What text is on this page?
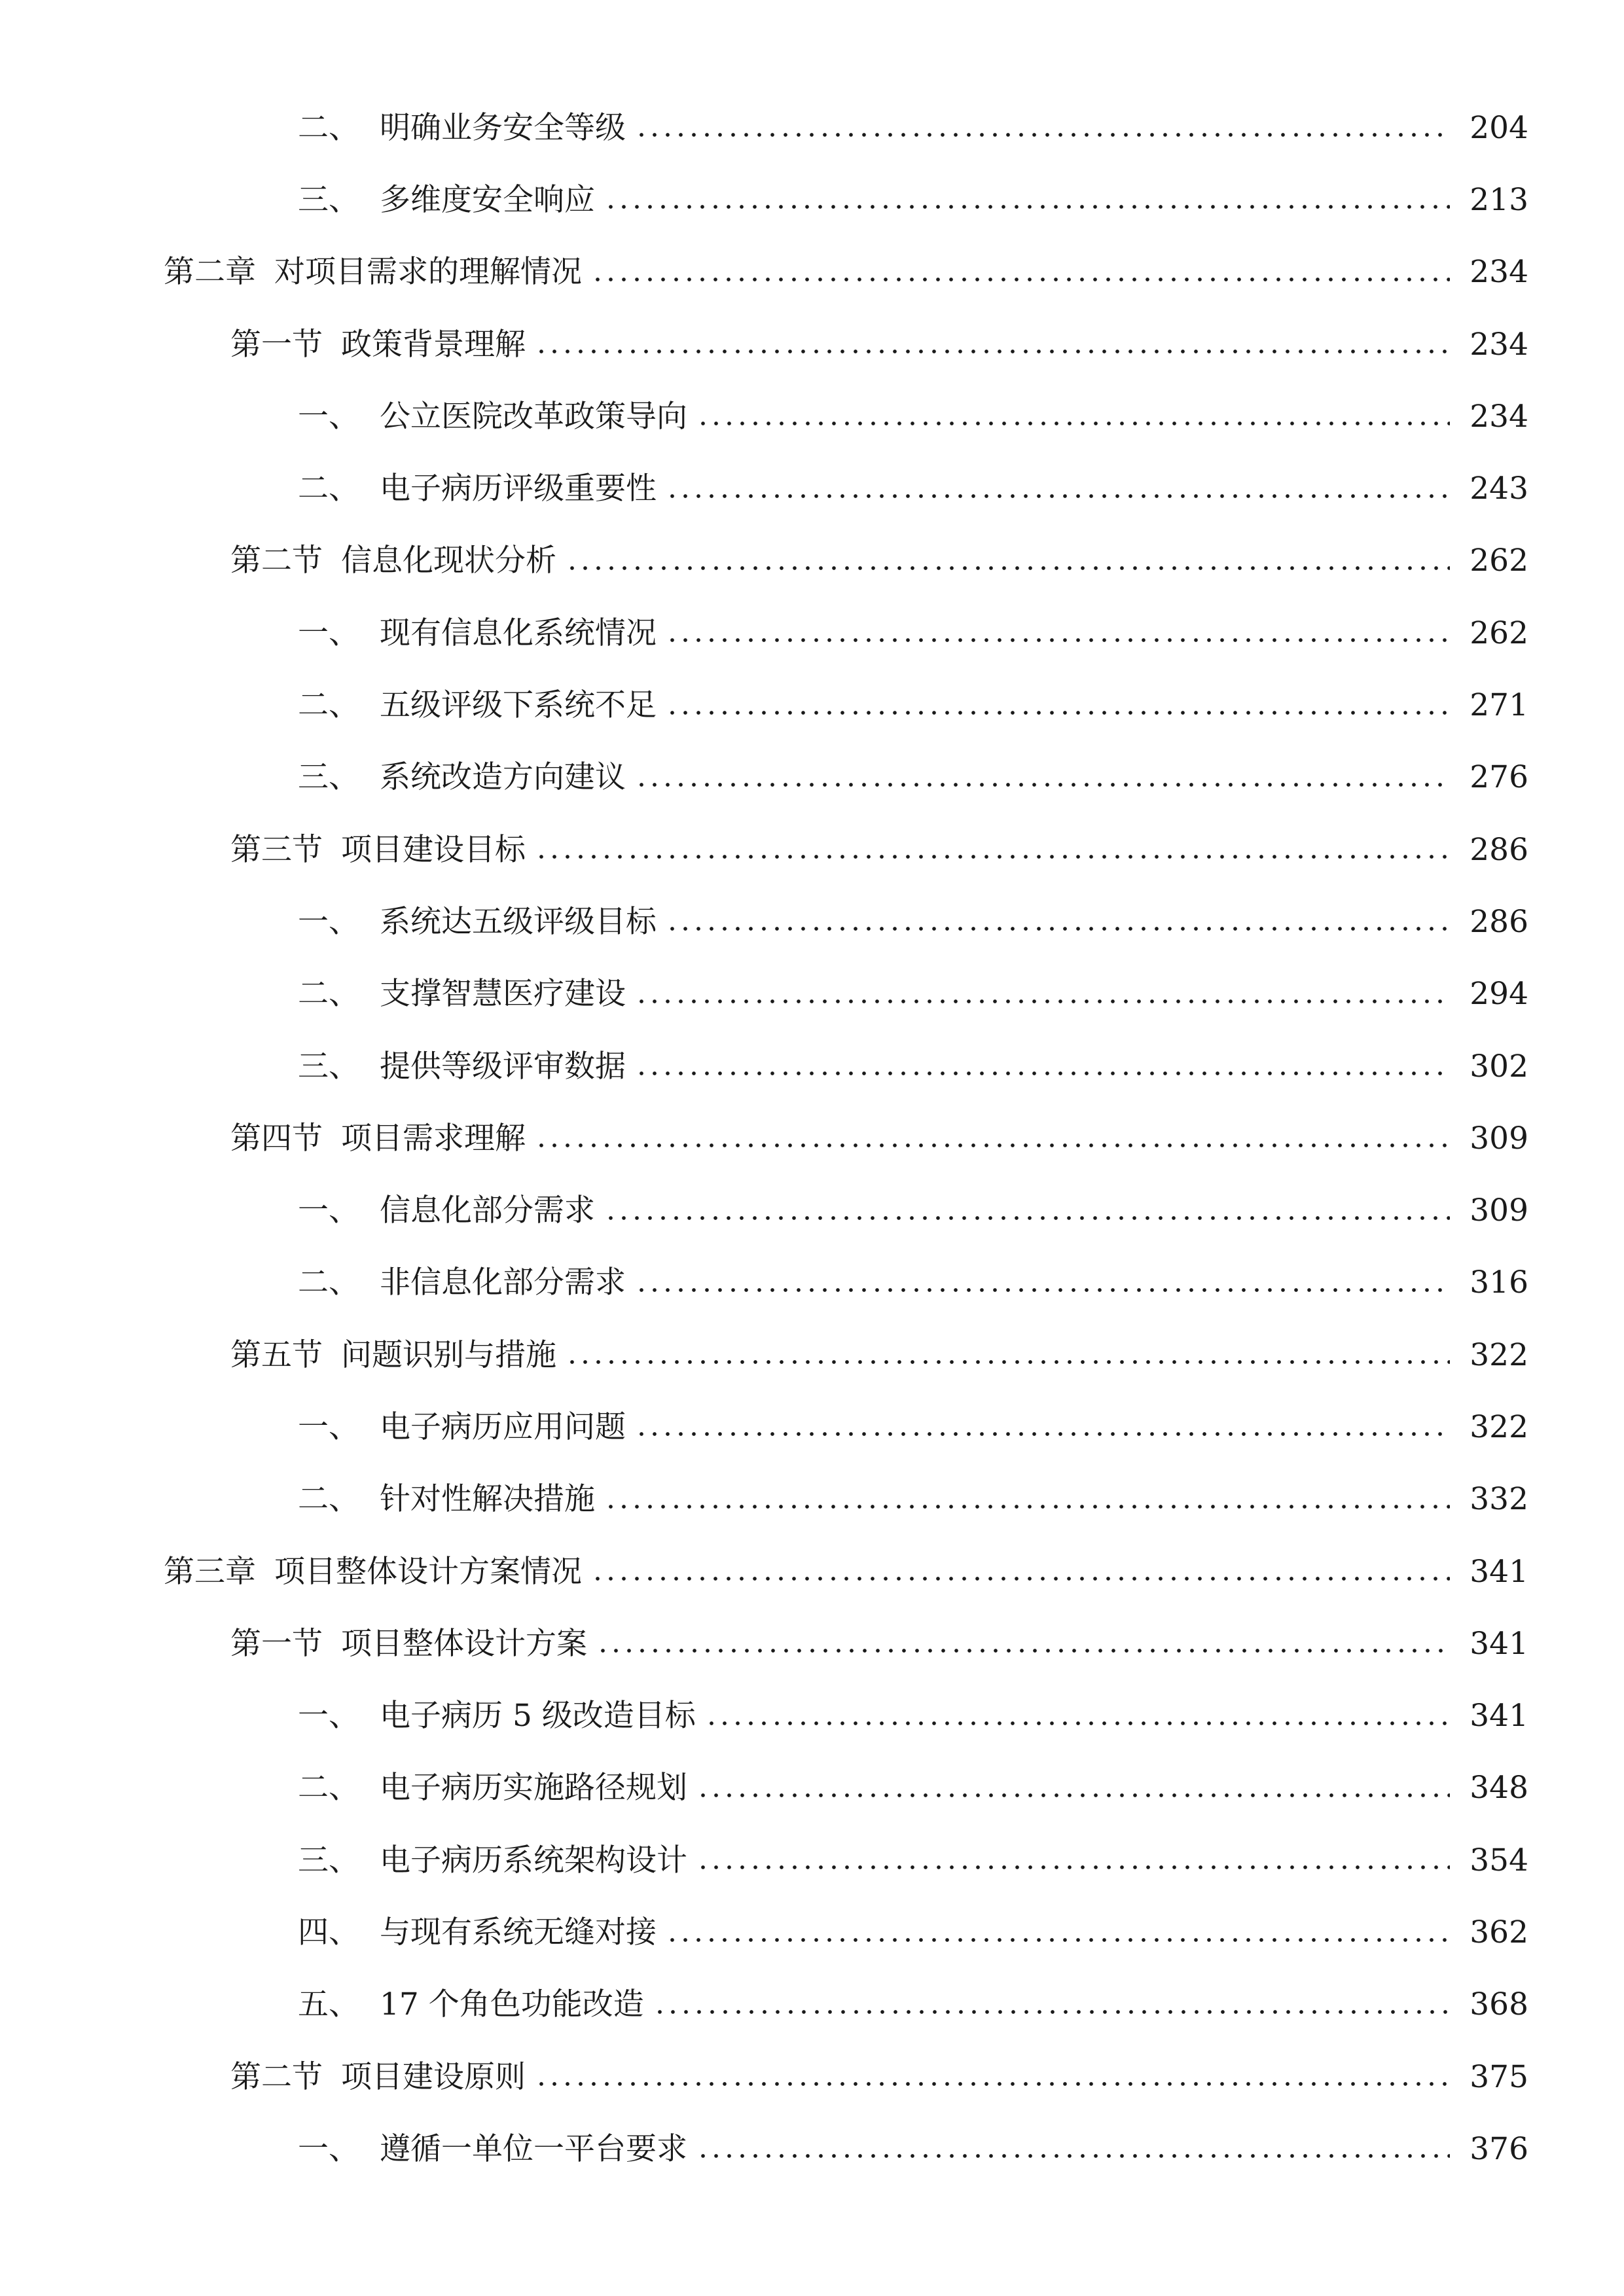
二、 明确业务安全等级	204
三、 多维度安全响应	213
第二章 对项目需求的理解情况	234
第一节 政策背景理解	234
一、 公立医院改革政策导向	234
二、 电子病历评级重要性	243
第二节 信息化现状分析	262
一、 现有信息化系统情况	262
二、 五级评级下系统不足	271
三、 系统改造方向建议	276
第三节 项目建设目标	286
一、 系统达五级评级目标	286
二、 支撑智慧医疗建设	294
三、 提供等级评审数据	302
第四节 项目需求理解	309
一、 信息化部分需求	309
二、 非信息化部分需求	316
第五节 问题识别与措施	322
一、 电子病历应用问题	322
二、 针对性解决措施	332
第三章 项目整体设计方案情况	341
第一节 项目整体设计方案	341
一、 电子病历 5 级改造目标	341
二、 电子病历实施路径规划	348
三、 电子病历系统架构设计	354
四、 与现有系统无缝对接	362
五、 17 个角色功能改造	368
第二节 项目建设原则	375
一、 遵循一单位一平台要求	376
